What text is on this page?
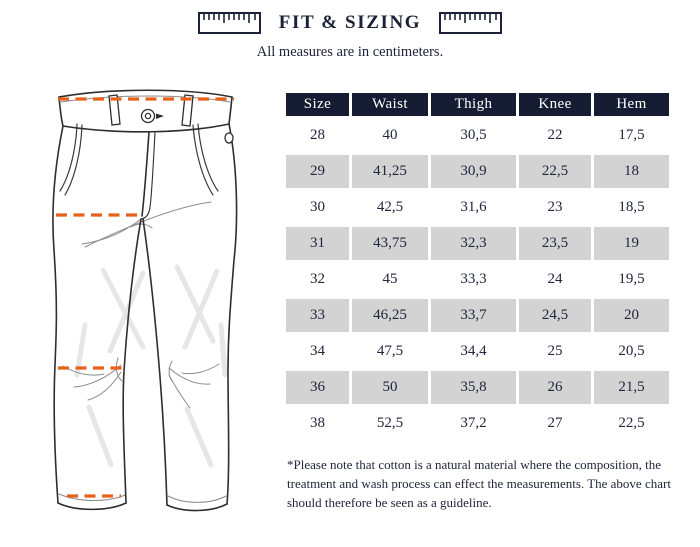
FIT & SIZING
All measures are in centimeters.
Size	Waist	Thigh	Knee	Hem
28	40	30,5	22	17,5
29	41,25	30,9	22,5	18
30	42,5	31,6	23	18,5
31	43,75	32,3	23,5	19
32	45	33,3	24	19,5
33	46,25	33,7	24,5	20
34	47,5	34,4	25	20,5
36	50	35,8	26	21,5
38	52,5	37,2	27	22,5
*Please note that cotton is a natural material where the composition, the treatment and wash process can effect the measurements. The above chart should therefore be seen as a guideline.
